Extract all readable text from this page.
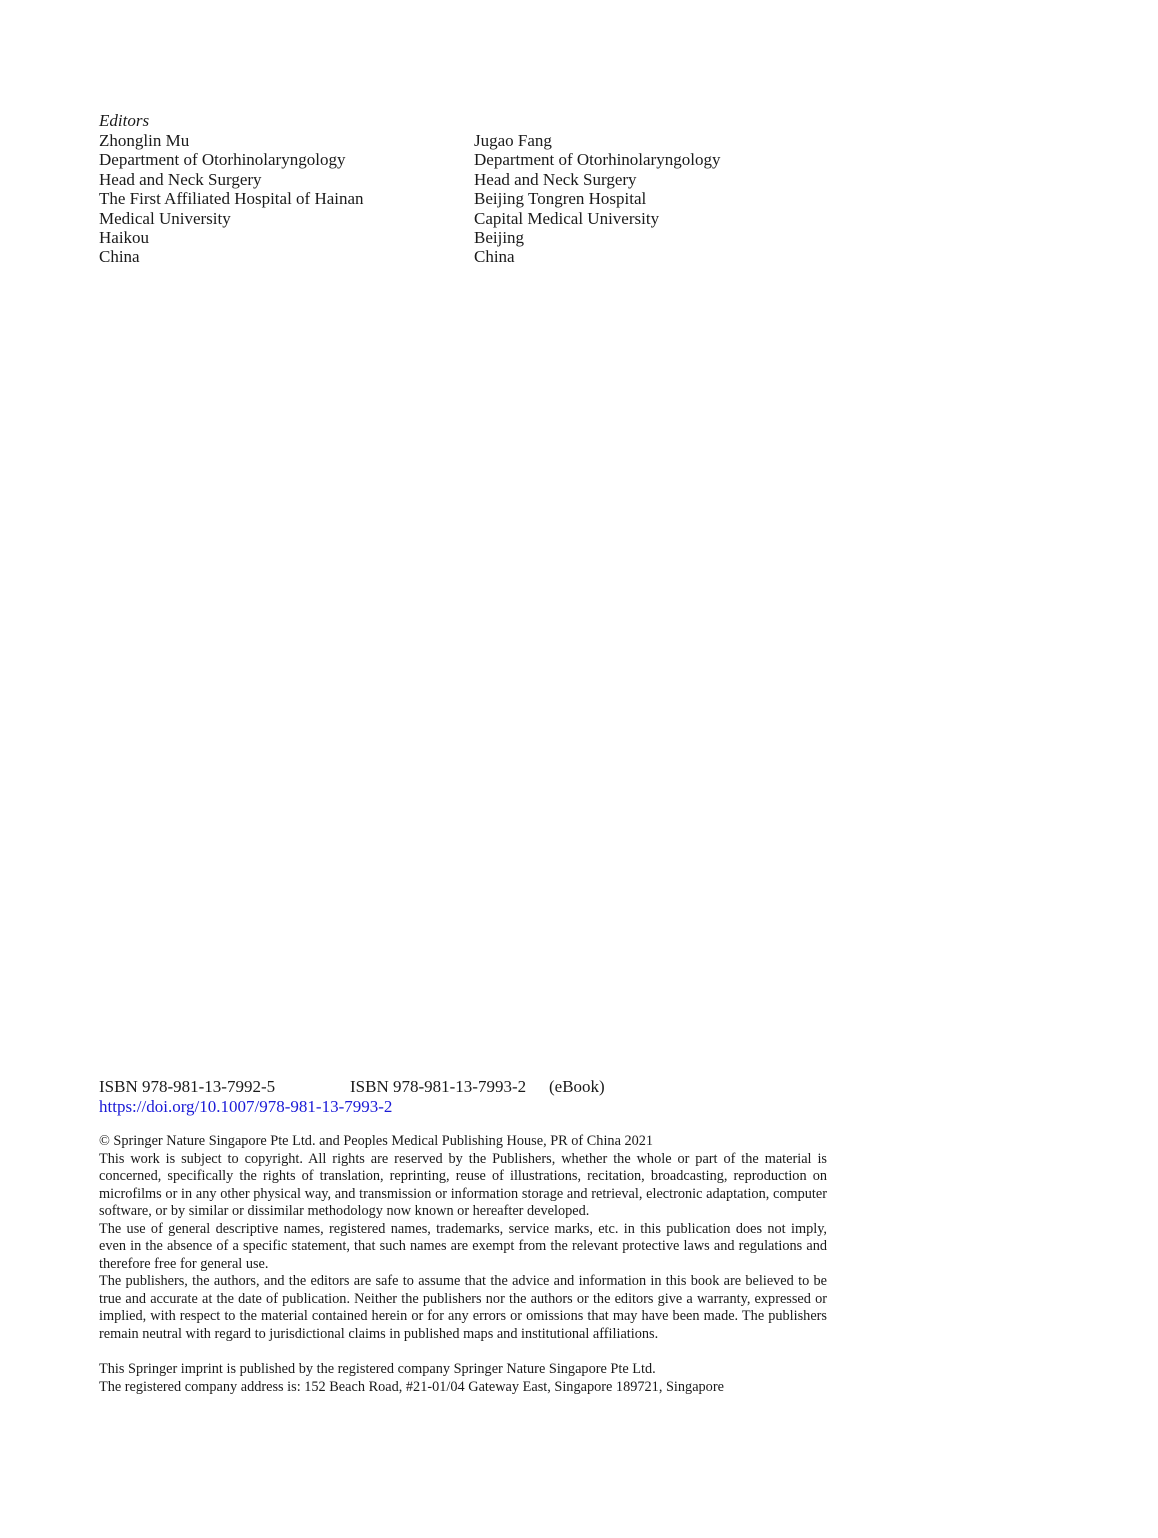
Editors

Zhonglin Mu
Department of Otorhinolaryngology
Head and Neck Surgery
The First Affiliated Hospital of Hainan
Medical University
Haikou
China
Jugao Fang
Department of Otorhinolaryngology
Head and Neck Surgery
Beijing Tongren Hospital
Capital Medical University
Beijing
China
ISBN 978-981-13-7992-5	ISBN 978-981-13-7993-2 (eBook)
https://doi.org/10.1007/978-981-13-7993-2

© Springer Nature Singapore Pte Ltd. and Peoples Medical Publishing House, PR of China 2021

This work is subject to copyright. All rights are reserved by the Publishers, whether the whole or part of the material is concerned, specifically the rights of translation, reprinting, reuse of illustrations, recitation, broadcasting, reproduction on microfilms or in any other physical way, and transmission or information storage and retrieval, electronic adaptation, computer software, or by similar or dissimilar methodology now known or hereafter developed.

The use of general descriptive names, registered names, trademarks, service marks, etc. in this publication does not imply, even in the absence of a specific statement, that such names are exempt from the relevant protective laws and regulations and therefore free for general use.

The publishers, the authors, and the editors are safe to assume that the advice and information in this book are believed to be true and accurate at the date of publication. Neither the publishers nor the authors or the editors give a warranty, expressed or implied, with respect to the material contained herein or for any errors or omissions that may have been made. The publishers remain neutral with regard to jurisdictional claims in published maps and institutional affiliations.

This Springer imprint is published by the registered company Springer Nature Singapore Pte Ltd.

The registered company address is: 152 Beach Road, #21-01/04 Gateway East, Singapore 189721, Singapore
